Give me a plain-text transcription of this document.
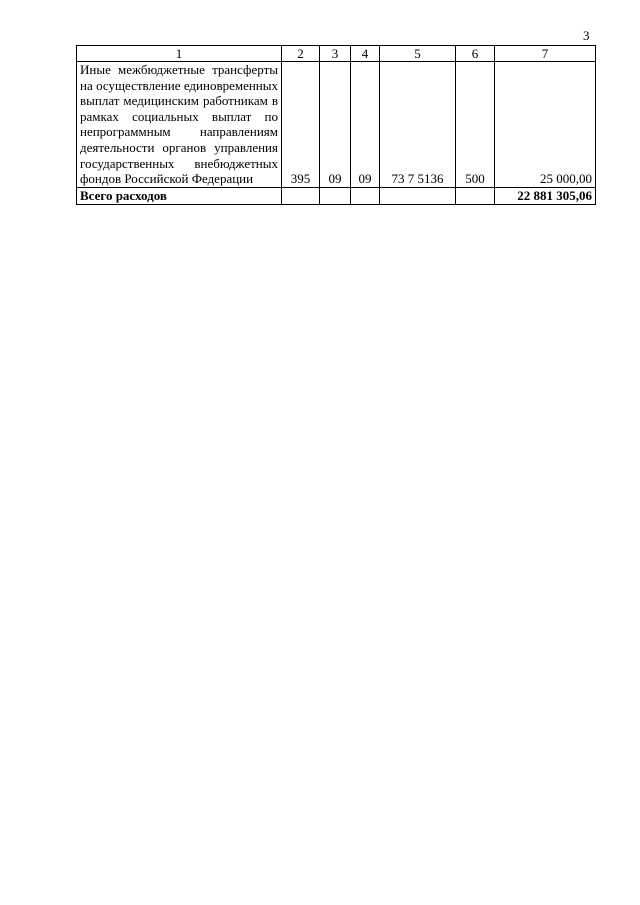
3
1	2	3	4	5	6	7
Иные межбюджетные трансферты на осуществление единовременных выплат медицинским работникам в рамках социальных выплат по непрограммным направлениям деятельности органов управления государственных внебюджетных фондов Российской Федерации	395	09	09	73 7 5136	500	25 000,00
Всего расходов						22 881 305,06
